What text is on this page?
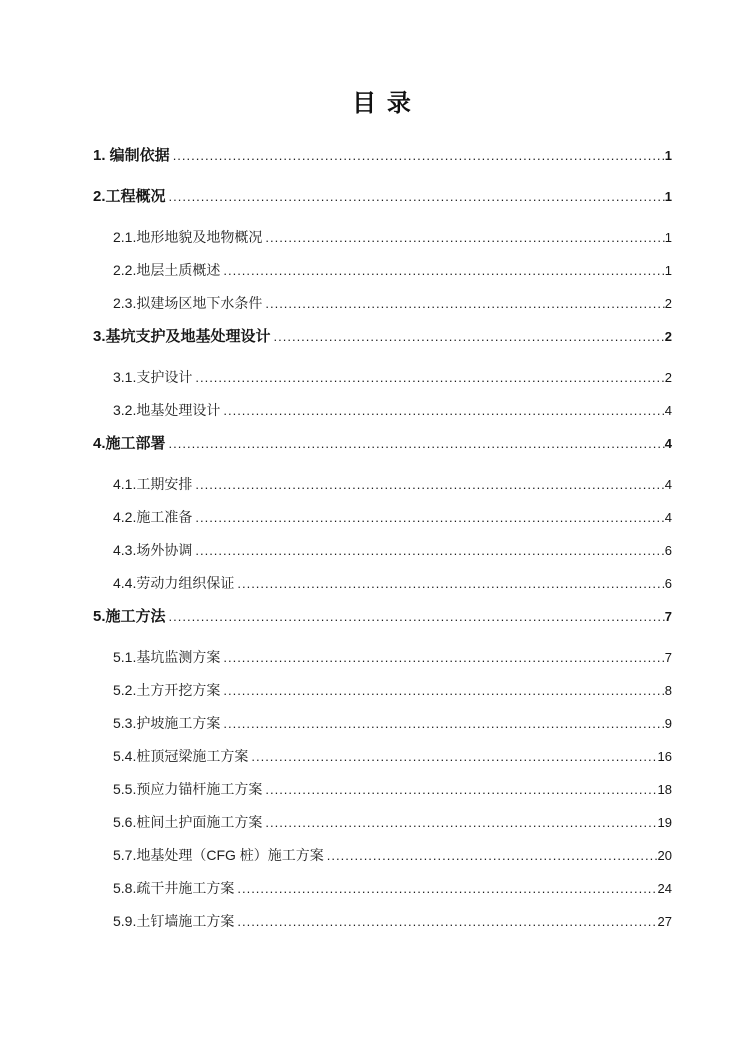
目 录
1. 编制依据 .....	1
2.工程概况 .....	1
2.1.地形地貌及地物概况 .....	1
2.2.地层土质概述 .....	1
2.3.拟建场区地下水条件 .....	2
3.基坑支护及地基处理设计 .....	2
3.1.支护设计 .....	2
3.2.地基处理设计 .....	4
4.施工部署 .....	4
4.1.工期安排 .....	4
4.2.施工准备 .....	4
4.3.场外协调 .....	6
4.4.劳动力组织保证 .....	6
5.施工方法 .....	7
5.1.基坑监测方案 .....	7
5.2.土方开挖方案 .....	8
5.3.护坡施工方案 .....	9
5.4.桩顶冠梁施工方案 .....	16
5.5.预应力锚杆施工方案 .....	18
5.6.桩间土护面施工方案 .....	19
5.7.地基处理（CFG 桩）施工方案 .....	20
5.8.疏干井施工方案 .....	24
5.9.土钉墙施工方案 .....	27
